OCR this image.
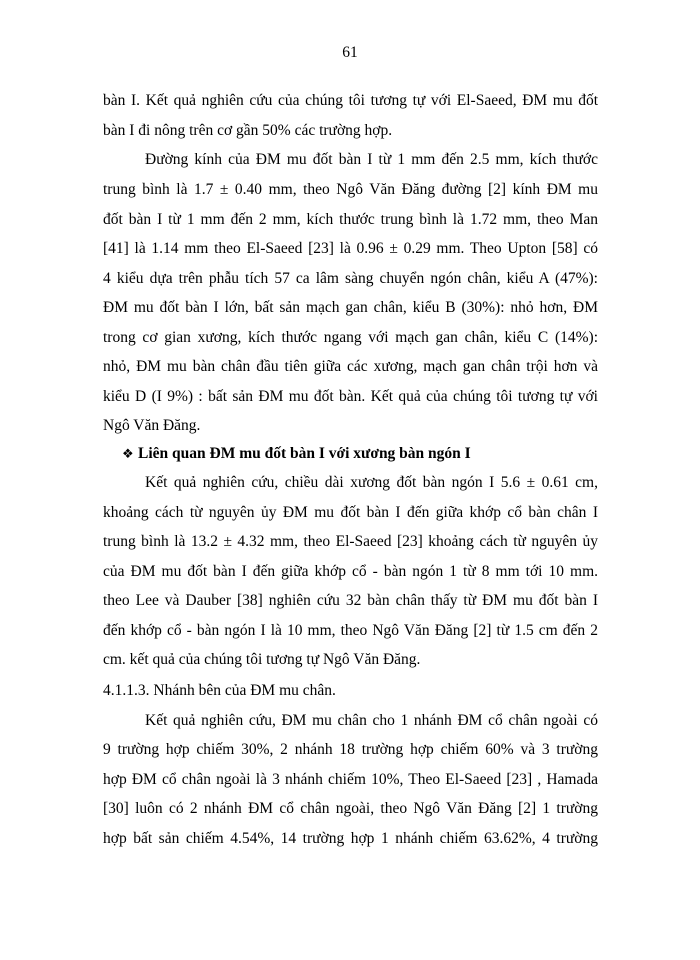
61
bàn I. Kết quả nghiên cứu của chúng tôi tương tự với El-Saeed, ĐM mu đốt
bàn I đi nông trên cơ gần 50% các trường hợp.
Đường kính của ĐM mu đốt bàn I từ 1 mm đến 2.5 mm, kích thước
trung bình là 1.7 ± 0.40 mm, theo Ngô Văn Đăng đường [2] kính ĐM mu
đốt bàn I từ 1 mm đến 2 mm, kích thước trung bình là 1.72 mm, theo Man
[41] là 1.14 mm theo El-Saeed [23] là 0.96 ± 0.29 mm. Theo Upton [58] có
4 kiểu dựa trên phẫu tích 57 ca lâm sàng chuyển ngón chân, kiểu A (47%):
ĐM mu đốt bàn I lớn, bất sản mạch gan chân, kiểu B (30%): nhỏ hơn, ĐM
trong cơ gian xương, kích thước ngang với mạch gan chân, kiểu C (14%):
nhỏ, ĐM mu bàn chân đầu tiên giữa các xương, mạch gan chân trội hơn và
kiểu D (I 9%) : bất sản ĐM mu đốt bàn. Kết quả của chúng tôi tương tự với
Ngô Văn Đăng.
❖ Liên quan ĐM mu đốt bàn I với xương bàn ngón I
Kết quả nghiên cứu, chiều dài xương đốt bàn ngón I 5.6 ± 0.61 cm,
khoảng cách từ nguyên ủy ĐM mu đốt bàn I đến giữa khớp cổ bàn chân I
trung bình là 13.2 ± 4.32 mm, theo El-Saeed [23] khoảng cách từ nguyên ủy
của ĐM mu đốt bàn I đến giữa khớp cổ - bàn ngón 1 từ 8 mm tới 10 mm.
theo Lee và Dauber [38] nghiên cứu 32 bàn chân thấy từ ĐM mu đốt bàn I
đến khớp cổ - bàn ngón I là 10 mm, theo Ngô Văn Đăng [2] từ 1.5 cm đến 2
cm. kết quả của chúng tôi tương tự Ngô Văn Đăng.
4.1.1.3. Nhánh bên của ĐM mu chân.
Kết quả nghiên cứu, ĐM mu chân cho 1 nhánh ĐM cổ chân ngoài có
9 trường hợp chiếm 30%, 2 nhánh 18 trường hợp chiếm 60% và 3 trường
hợp ĐM cổ chân ngoài là 3 nhánh chiếm 10%, Theo El-Saeed [23] , Hamada
[30] luôn có 2 nhánh ĐM cổ chân ngoài, theo Ngô Văn Đăng [2] 1 trường
hợp bất sản chiếm 4.54%, 14 trường hợp 1 nhánh chiếm 63.62%, 4 trường
